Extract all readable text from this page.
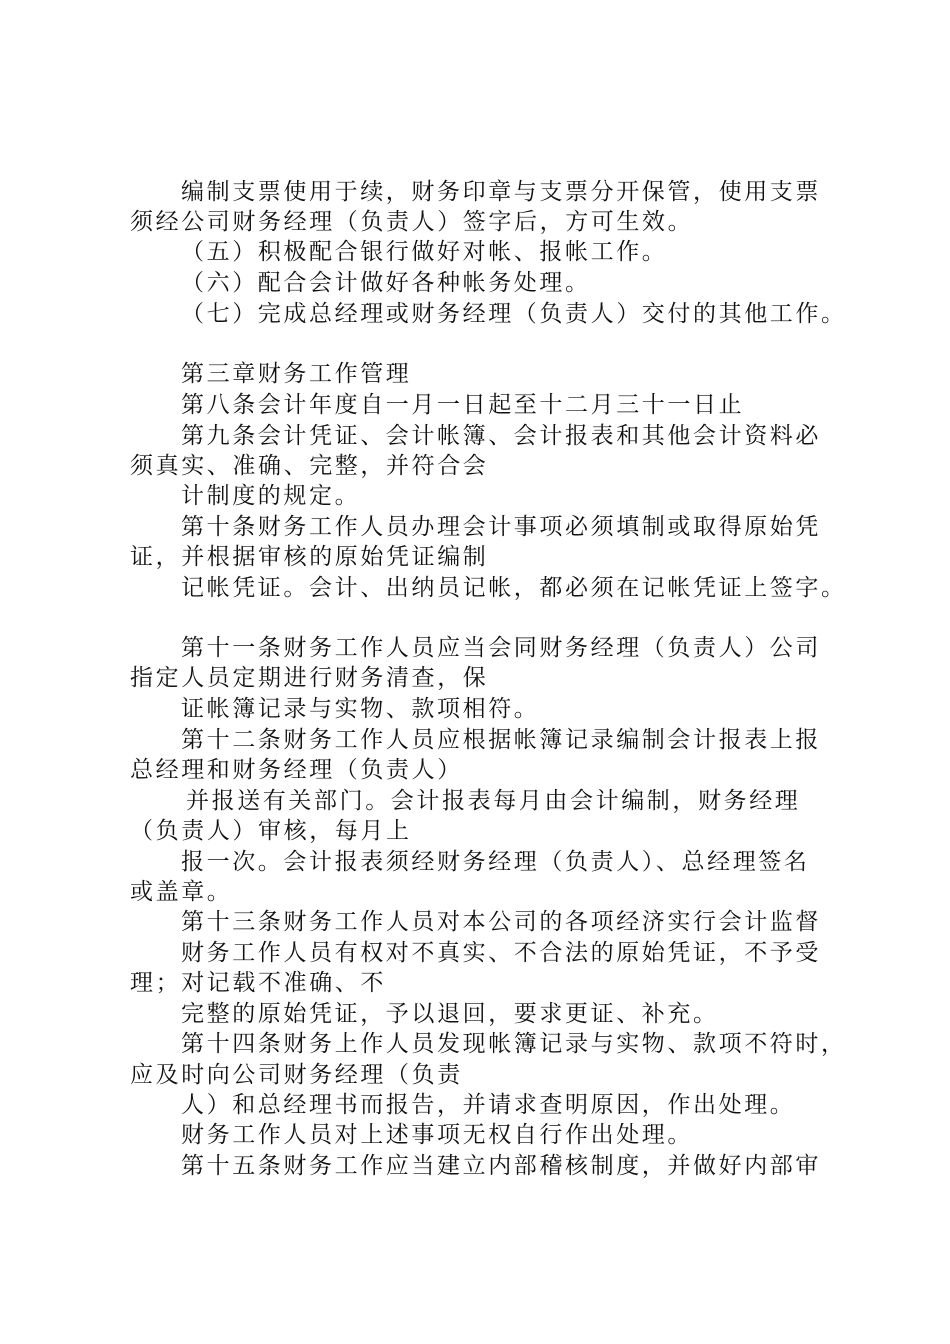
编制支票使用于续，财务印章与支票分开保管，使用支票
须经公司财务经理（负责人）签字后，方可生效。
（五）积极配合银行做好对帐、报帐工作。
（六）配合会计做好各种帐务处理。
（七）完成总经理或财务经理（负责人）交付的其他工作。
第三章财务工作管理
第八条会计年度自一月一日起至十二月三十一日止
第九条会计凭证、会计帐簿、会计报表和其他会计资料必
须真实、准确、完整，并符合会
计制度的规定。
第十条财务工作人员办理会计事项必须填制或取得原始凭
证，并根据审核的原始凭证编制
记帐凭证。会计、出纳员记帐，都必须在记帐凭证上签字。
第十一条财务工作人员应当会同财务经理（负责人）公司
指定人员定期进行财务清查，保
证帐簿记录与实物、款项相符。
第十二条财务工作人员应根据帐簿记录编制会计报表上报
总经理和财务经理（负责人）
并报送有关部门。会计报表每月由会计编制，财务经理
（负责人）审核，每月上
报一次。会计报表须经财务经理（负责人）、总经理签名
或盖章。
第十三条财务工作人员对本公司的各项经济实行会计监督
财务工作人员有权对不真实、不合法的原始凭证，不予受
理；对记载不准确、不
完整的原始凭证，予以退回，要求更证、补充。
第十四条财务上作人员发现帐簿记录与实物、款项不符时，
应及时向公司财务经理（负责
人）和总经理书而报告，并请求查明原因，作出处理。
财务工作人员对上述事项无权自行作出处理。
第十五条财务工作应当建立内部稽核制度，并做好内部审
